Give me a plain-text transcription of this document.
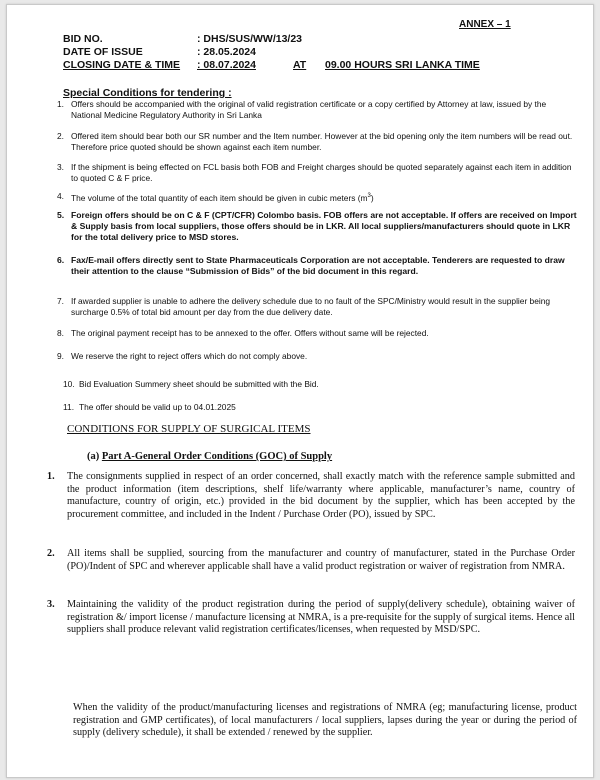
ANNEX – 1
BID NO.	: DHS/SUS/WW/13/23
DATE OF ISSUE	: 28.05.2024
CLOSING DATE & TIME : 08.07.2024	AT 09.00 HOURS SRI LANKA TIME
Special Conditions for tendering :
1. Offers should be accompanied with the original of valid registration certificate or a copy certified by Attorney at law, issued by the National Medicine Regulatory Authority in Sri Lanka
2. Offered item should bear both our SR number and the Item number. However at the bid opening only the item numbers will be read out. Therefore price quoted should be shown against each item number.
3. If the shipment is being effected on FCL basis both FOB and Freight charges should be quoted separately against each item in addition to quoted C & F price.
4. The volume of the total quantity of each item should be given in cubic meters $(m^3)$
5. Foreign offers should be on C & F (CPT/CFR) Colombo basis. FOB offers are not acceptable. If offers are received on Import & Supply basis from local suppliers, those offers should be in LKR. All local suppliers/manufacturers should quote in LKR for the total delivery price to MSD stores.
6. Fax/E-mail offers directly sent to State Pharmaceuticals Corporation are not acceptable. Tenderers are requested to draw their attention to the clause “Submission of Bids” of the bid document in this regard.
7. If awarded supplier is unable to adhere the delivery schedule due to no fault of the SPC/Ministry would result in the supplier being surcharge 0.5% of total bid amount per day from the due delivery date.
8. The original payment receipt has to be annexed to the offer. Offers without same will be rejected.
9. We reserve the right to reject offers which do not comply above.
10. Bid Evaluation Summery sheet should be submitted with the Bid.
11. The offer should be valid up to 04.01.2025
CONDITIONS FOR SUPPLY OF SURGICAL ITEMS
(a) Part A-General Order Conditions (GOC) of Supply
1. The consignments supplied in respect of an order concerned, shall exactly match with the reference sample submitted and the product information (item descriptions, shelf life/warranty where applicable, manufacturer’s name, country of manufacture, country of origin, etc.) provided in the bid document by the supplier, which has been accepted by the procurement committee, and included in the Indent / Purchase Order (PO), issued by SPC.
2. All items shall be supplied, sourcing from the manufacturer and country of manufacturer, stated in the Purchase Order (PO)/Indent of SPC and wherever applicable shall have a valid product registration or waiver of registration from NMRA.
3. Maintaining the validity of the product registration during the period of supply(delivery schedule), obtaining waiver of registration &/ import license / manufacture licensing at NMRA, is a pre-requisite for the supply of surgical items. Hence all suppliers shall produce relevant valid registration certificates/licenses, when requested by MSD/SPC.
When the validity of the product/manufacturing licenses and registrations of NMRA (eg; manufacturing license, product registration and GMP certificates), of local manufacturers / local suppliers, lapses during the year or during the period of supply (delivery schedule), it shall be extended / renewed by the supplier.
